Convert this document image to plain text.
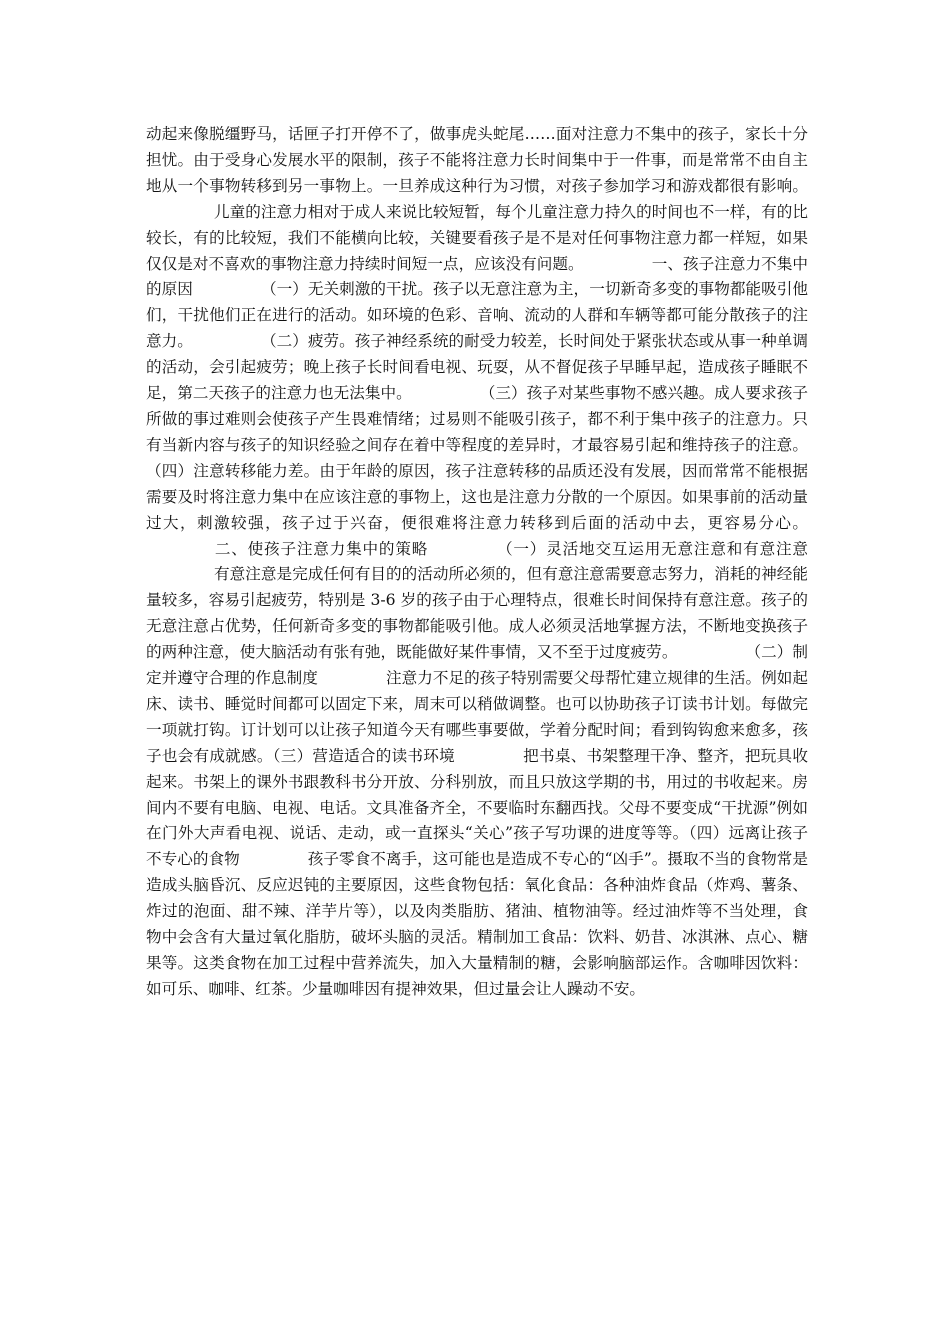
动起来像脱缰野马，话匣子打开停不了，做事虎头蛇尾……面对注意力不集中的孩子，家长十分担忧。由于受身心发展水平的限制，孩子不能将注意力长时间集中于一件事，而是常常不由自主地从一个事物转移到另一事物上。一旦养成这种行为习惯，对孩子参加学习和游戏都很有影响。儿童的注意力相对于成人来说比较短暂，每个儿童注意力持久的时间也不一样，有的比较长，有的比较短，我们不能横向比较，关键要看孩子是不是对任何事物注意力都一样短，如果仅仅是对不喜欢的事物注意力持续时间短一点，应该没有问题。	一、孩子注意力不集中的原因	（一）无关刺激的干扰。孩子以无意注意为主，一切新奇多变的事物都能吸引他们，干扰他们正在进行的活动。如环境的色彩、音响、流动的人群和车辆等都可能分散孩子的注意力。	（二）疲劳。孩子神经系统的耐受力较差，长时间处于紧张状态或从事一种单调的活动，会引起疲劳；晚上孩子长时间看电视、玩耍，从不督促孩子早睡早起，造成孩子睡眠不足，第二天孩子的注意力也无法集中。	（三）孩子对某些事物不感兴趣。成人要求孩子所做的事过难则会使孩子产生畏难情绪；过易则不能吸引孩子，都不利于集中孩子的注意力。只有当新内容与孩子的知识经验之间存在着中等程度的差异时，才最容易引起和维持孩子的注意。（四）注意转移能力差。由于年龄的原因，孩子注意转移的品质还没有发展，因而常常不能根据需要及时将注意力集中在应该注意的事物上，这也是注意力分散的一个原因。如果事前的活动量过大，刺激较强，孩子过于兴奋，便很难将注意力转移到后面的活动中去，更容易分心。二、使孩子注意力集中的策略	（一）灵活地交互运用无意注意和有意注意有意注意是完成任何有目的的活动所必须的，但有意注意需要意志努力，消耗的神经能量较多，容易引起疲劳，特别是 3-6 岁的孩子由于心理特点，很难长时间保持有意注意。孩子的无意注意占优势，任何新奇多变的事物都能吸引他。成人必须灵活地掌握方法，不断地变换孩子的两种注意，使大脑活动有张有弛，既能做好某件事情，又不至于过度疲劳。	（二）制定并遵守合理的作息制度	注意力不足的孩子特别需要父母帮忙建立规律的生活。例如起床、读书、睡觉时间都可以固定下来，周末可以稍做调整。也可以协助孩子订读书计划。每做完一项就打钩。订计划可以让孩子知道今天有哪些事要做，学着分配时间；看到钩钩愈来愈多，孩子也会有成就感。（三）营造适合的读书环境	把书桌、书架整理干净、整齐，把玩具收起来。书架上的课外书跟教科书分开放、分科别放，而且只放这学期的书，用过的书收起来。房间内不要有电脑、电视、电话。文具准备齐全，不要临时东翻西找。父母不要变成“干扰源”例如在门外大声看电视、说话、走动，或一直探头“关心”孩子写功课的进度等等。（四）远离让孩子不专心的食物	孩子零食不离手，这可能也是造成不专心的“凶手”。摄取不当的食物常是造成头脑昏沉、反应迟钝的主要原因，这些食物包括：氧化食品：各种油炸食品（炸鸡、薯条、炸过的泡面、甜不辣、洋芋片等），以及肉类脂肪、猪油、植物油等。经过油炸等不当处理，食物中会含有大量过氧化脂肪，破坏头脑的灵活。精制加工食品：饮料、奶昔、冰淇淋、点心、糖果等。这类食物在加工过程中营养流失，加入大量精制的糖，会影响脑部运作。含咖啡因饮料：如可乐、咖啡、红茶。少量咖啡因有提神效果，但过量会让人躁动不安。
